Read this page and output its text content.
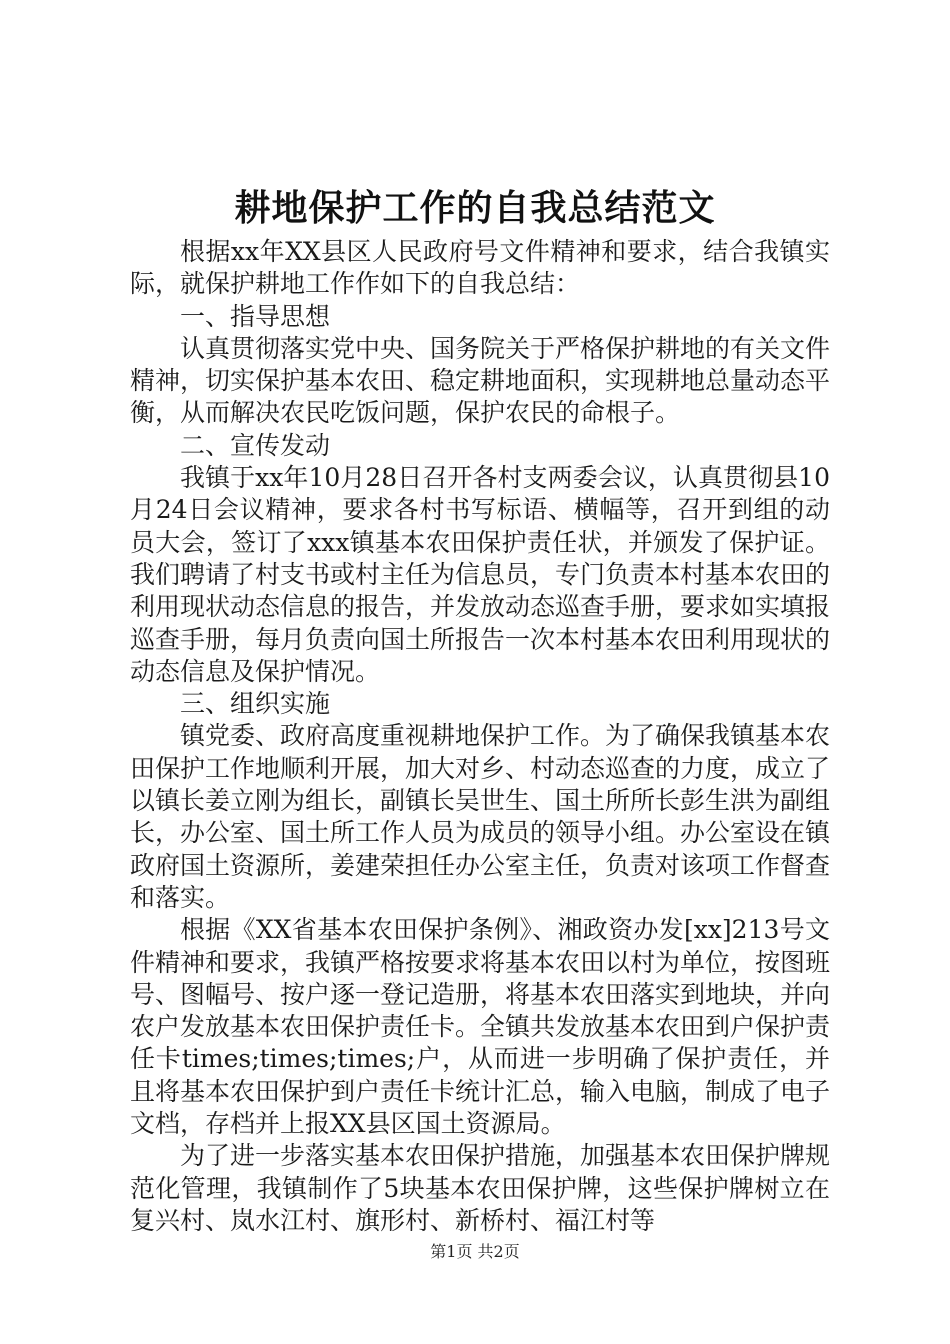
耕地保护工作的自我总结范文

根据xx年XX县区人民政府号文件精神和要求，结合我镇实际，就保护耕地工作作如下的自我总结：

一、指导思想

认真贯彻落实党中央、国务院关于严格保护耕地的有关文件精神，切实保护基本农田、稳定耕地面积，实现耕地总量动态平衡，从而解决农民吃饭问题，保护农民的命根子。

二、宣传发动

我镇于xx年10月28日召开各村支两委会议，认真贯彻县10月24日会议精神，要求各村书写标语、横幅等，召开到组的动员大会，签订了xxx镇基本农田保护责任状，并颁发了保护证。我们聘请了村支书或村主任为信息员，专门负责本村基本农田的利用现状动态信息的报告，并发放动态巡查手册，要求如实填报巡查手册，每月负责向国土所报告一次本村基本农田利用现状的动态信息及保护情况。

三、组织实施

镇党委、政府高度重视耕地保护工作。为了确保我镇基本农田保护工作地顺利开展，加大对乡、村动态巡查的力度，成立了以镇长姜立刚为组长，副镇长吴世生、国土所所长彭生洪为副组长，办公室、国土所工作人员为成员的领导小组。办公室设在镇政府国土资源所，姜建荣担任办公室主任，负责对该项工作督查和落实。

根据《XX省基本农田保护条例》、湘政资办发[xx]213号文件精神和要求，我镇严格按要求将基本农田以村为单位，按图班号、图幅号、按户逐一登记造册，将基本农田落实到地块，并向农户发放基本农田保护责任卡。全镇共发放基本农田到户保护责任卡times;times;times;户，从而进一步明确了保护责任，并且将基本农田保护到户责任卡统计汇总，输入电脑，制成了电子文档，存档并上报XX县区国土资源局。

为了进一步落实基本农田保护措施，加强基本农田保护牌规范化管理，我镇制作了5块基本农田保护牌，这些保护牌树立在复兴村、岚水江村、旗形村、新桥村、福江村等

第1页 共2页
